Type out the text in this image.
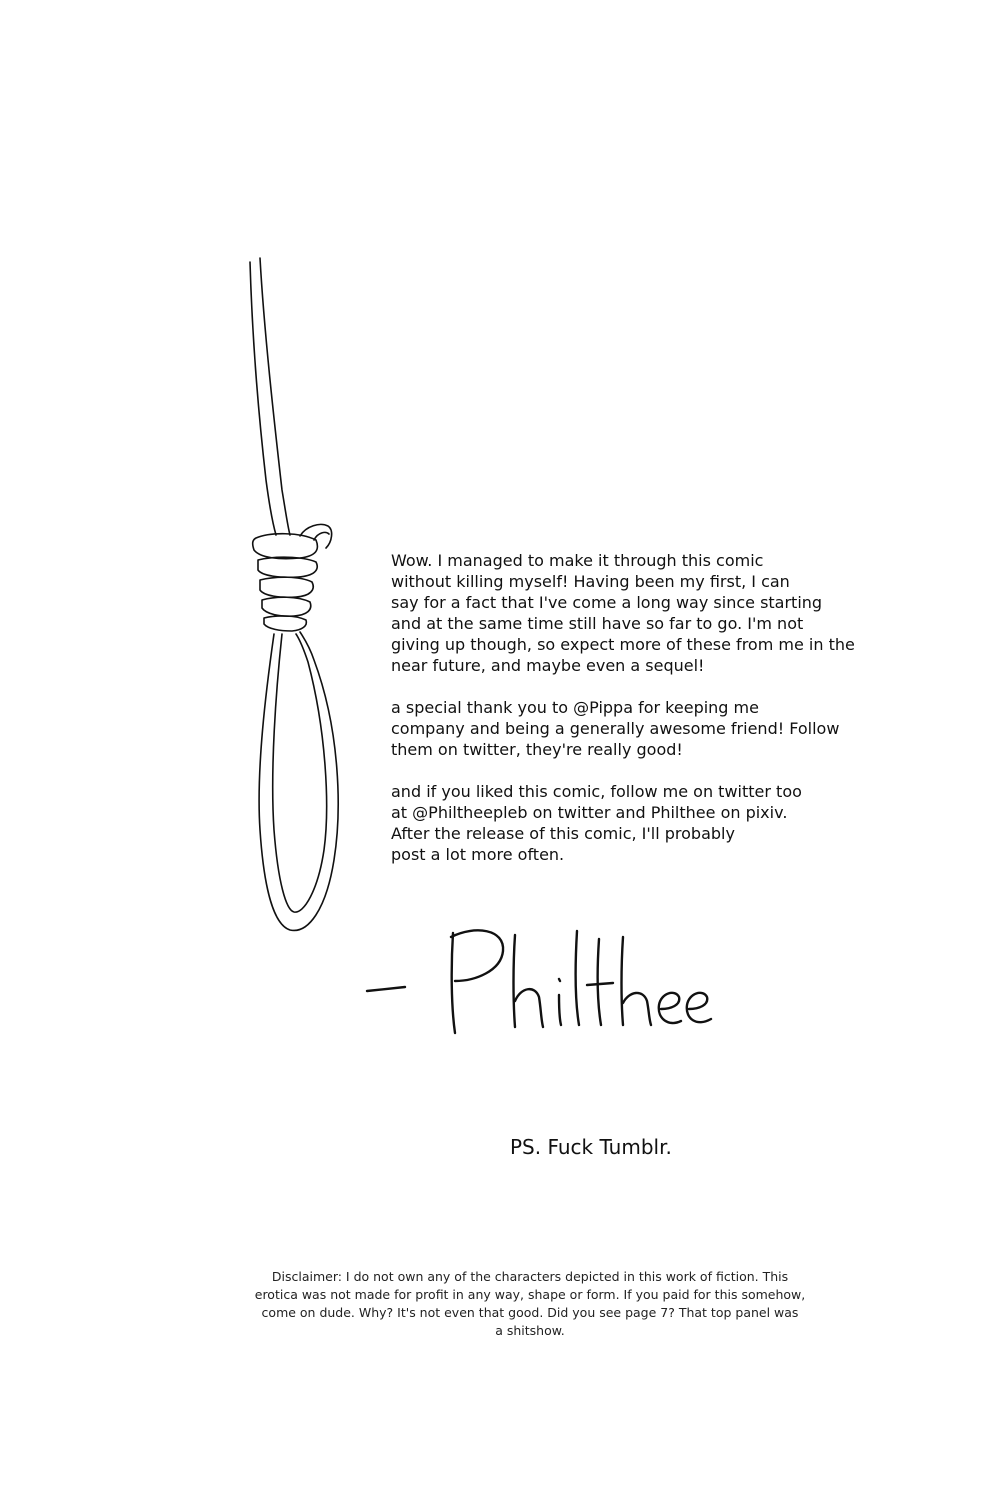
Wow. I managed to make it through this comic
without killing myself! Having been my first, I can
say for a fact that I've come a long way since starting
and at the same time still have so far to go. I'm not
giving up though, so expect more of these from me in the
near future, and maybe even a sequel!

a special thank you to @Pippa for keeping me
company and being a generally awesome friend! Follow
them on twitter, they're really good!

and if you liked this comic, follow me on twitter too
at @Philtheepleb on twitter and Philthee on pixiv.
After the release of this comic, I'll probably
post a lot more often.

PS. Fuck Tumblr.
Disclaimer: I do not own any of the characters depicted in this work of fiction. This
erotica was not made for profit in any way, shape or form. If you paid for this somehow,
come on dude. Why? It's not even that good. Did you see page 7? That top panel was
a shitshow.
